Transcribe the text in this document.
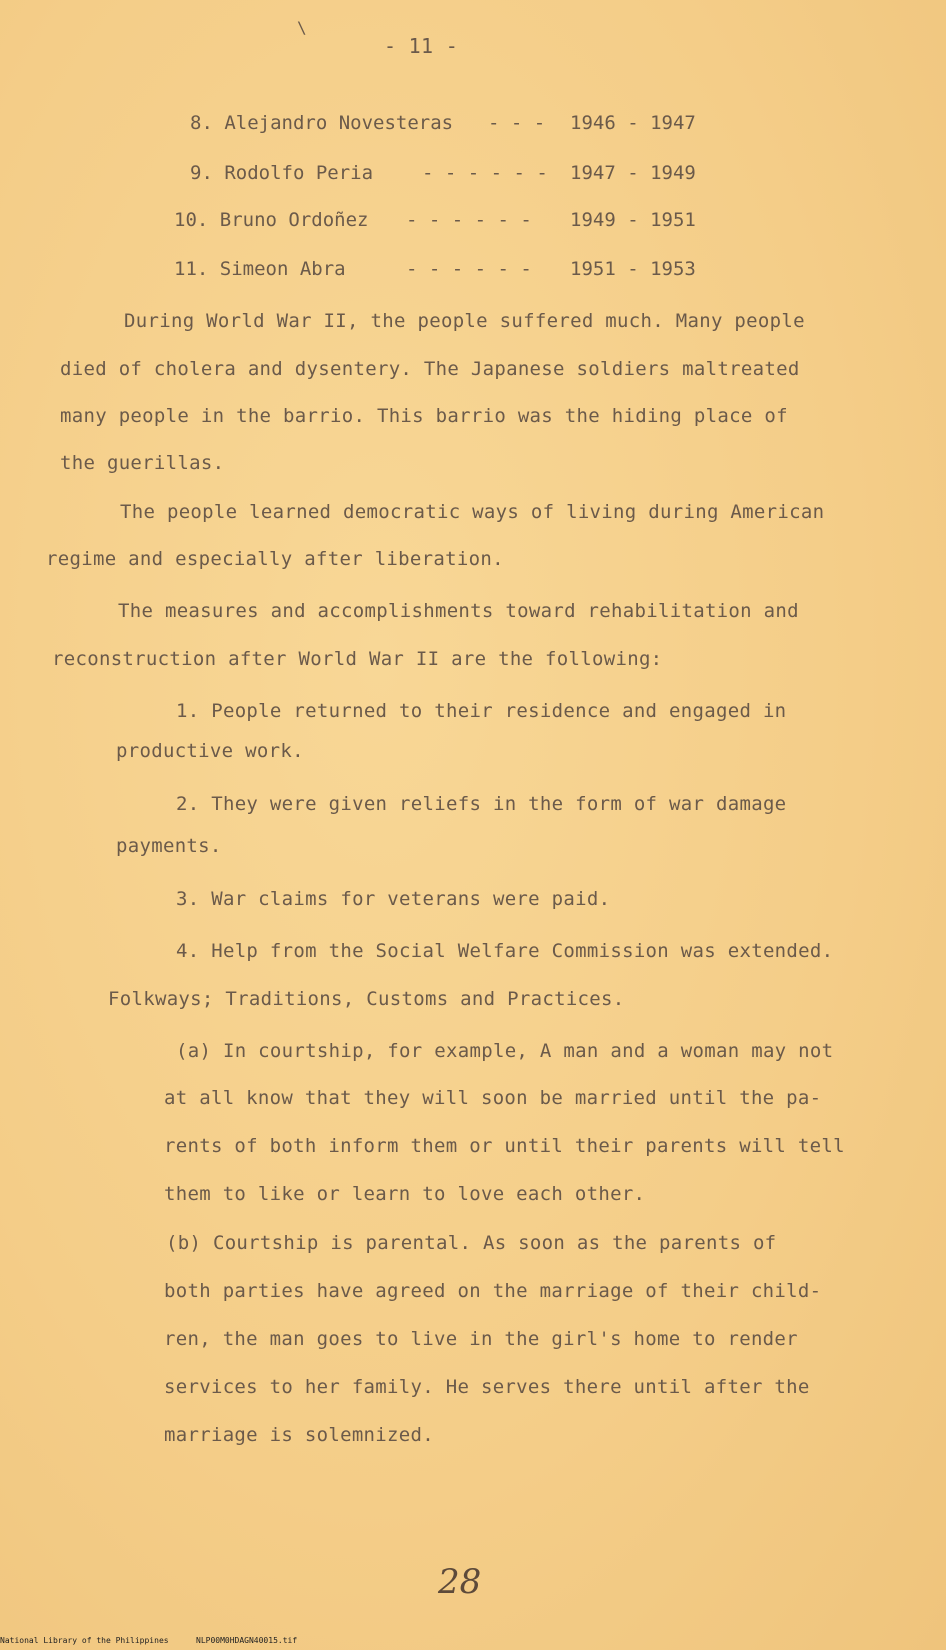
\
- 11 -
8. Alejandro Novesteras - - - 1946 - 1947
9. Rodolfo Peria	- - - - - - 1947 - 1949
10. Bruno Ordoñez - - - - - - 1949 - 1951
11. Simeon Abra	- - - - - - 1951 - 1953
During World War II, the people suffered much. Many people
died of cholera and dysentery. The Japanese soldiers maltreated
many people in the barrio. This barrio was the hiding place of
the guerillas.
The people learned democratic ways of living during American
regime and especially after liberation.
The measures and accomplishments toward rehabilitation and
reconstruction after World War II are the following:
1. People returned to their residence and engaged in
productive work.
2. They were given reliefs in the form of war damage
payments.
3. War claims for veterans were paid.
4. Help from the Social Welfare Commission was extended.
Folkways; Traditions, Customs and Practices.
(a) In courtship, for example, A man and a woman may not
at all know that they will soon be married until the pa-
rents of both inform them or until their parents will tell
them to like or learn to love each other.
(b) Courtship is parental. As soon as the parents of
both parties have agreed on the marriage of their child-
ren, the man goes to live in the girl's home to render
services to her family. He serves there until after the
marriage is solemnized.
28
National Library of the Philippines	NLP00M0HDAGN40015.tif
